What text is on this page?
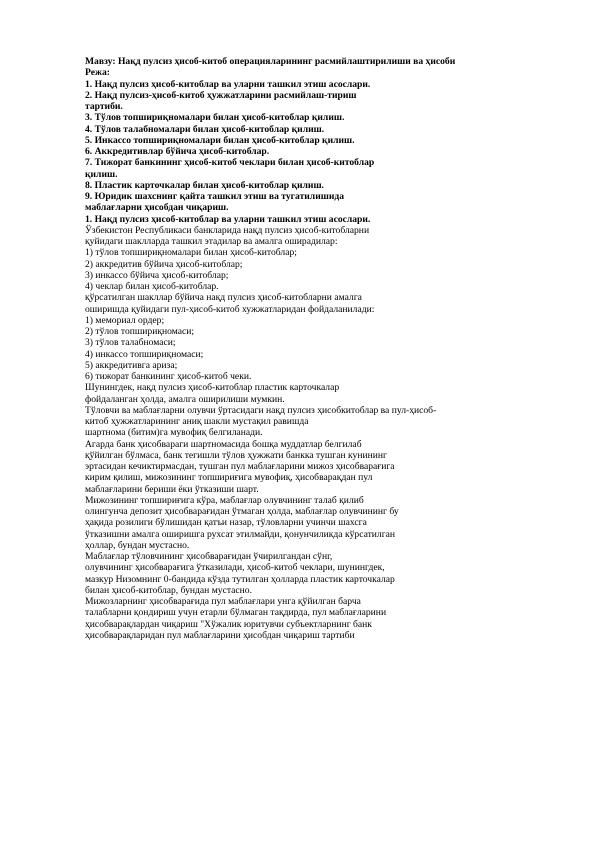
Мавзу: Нақд пулсиз ҳисоб-китоб операцияларининг расмийлаштирилиши ва ҳисоби
Режа:
1. Нақд пулсиз ҳисоб-китоблар ва уларни ташкил этиш асослари.
2. Нақд пулсиз-ҳисоб-китоб ҳужжатларини расмийлаш-тириш
тартиби.
3. Тўлов топшириқномалари билан ҳисоб-китоблар қилиш.
4. Тўлов талабномалари билан ҳисоб-китоблар қилиш.
5. Инкассо топшириқномалари билан ҳисоб-китоблар қилиш.
6. Аккредитивлар бўйича ҳисоб-китоблар.
7. Тижорат банкининг ҳисоб-китоб чеклари билан ҳисоб-китоблар
қилиш.
8. Пластик карточкалар билан ҳисоб-китоблар қилиш.
9. Юридик шахснинг қайта ташкил этиш ва тугатилишида
маблағларни ҳисобдан чиқариш.
1. Нақд пулсиз ҳисоб-китоблар ва уларни ташкил этиш асослари.
Ўзбекистон Республикаси банкларида нақд пулсиз ҳисоб-китобларни
қуйидаги шаклларда ташкил этадилар ва амалга оширадилар:
1) тўлов топшириқномалари билан ҳисоб-китоблар;
2) аккредитив бўйича ҳисоб-китоблар;
3) инкассо бўйича ҳисоб-китоблар;
4) чеклар билан ҳисоб-китоблар.
қўрсатилган шакллар бўйича нақд пулсиз ҳисоб-китобларни амалга
оширишда қуйидаги пул-ҳисоб-китоб хужжатларидан фойдаланилади:
1) мемориал ордер;
2) тўлов топшириқномаси;
3) тўлов талабномаси;
4) инкассо топшириқномаси;
5) аккредитивга ариза;
6) тижорат банкининг ҳисоб-китоб чеки.
Шунингдек, нақд пулсиз ҳисоб-китоблар пластик карточкалар
фойдаланган ҳолда, амалга оширилиши мумкин.
Тўловчи ва маблағларни олувчи ўртасидаги нақд пулсиз ҳисобкитоблар ва пул-ҳисоб-
китоб ҳужжатларининг аниқ шакли мустақил равишда
шартнома (битим)га мувофиқ белгиланади.
Агарда банк ҳисобвараги шартномасида бошқа муддатлар белгилаб
қўйилган бўлмаса, банк тегишли тўлов ҳужжати банкка тушган кунининг
эртасидан кечиктирмасдан, тушган пул маблағларини мижоз ҳисобварағига
кирим қилиш, мижозининг топшириғига мувофиқ, ҳисобварақдан пул
маблағларини бериши ёки ўтказиши шарт.
Мижозининг топшириғига кўра, маблағлар олувчининг талаб қилиб
олингунча депозит ҳисобварағидан ўтмаган ҳолда, маблағлар олувчининг бу
ҳақида розилиги бўлишидан қатъи назар, тўловларни учинчи шахсга
ўтказишни амалга оширишга рухсат этилмайди, қонунчиликда кўрсатилган
ҳоллар, бундан мустасно.
Маблағлар тўловчининг ҳисобварағидан ўчирилгандан сўнг,
олувчининг ҳисобварағига ўтказилади, ҳисоб-китоб чеклари, шунингдек,
мазкур Низомнинг 0-бандида кўзда тутилган ҳолларда пластик карточкалар
билан ҳисоб-китоблар, бундан мустасно.
Мижозларнинг ҳисобварағида пул маблағлари унга қўйилган барча
талабларни қондириш учун етарли бўлмаган тақдирда, пул маблағларини
ҳисобварақлардан чиқариш "Хўжалик юритувчи субъектларнинг банк
ҳисобварақларидан пул маблағларини ҳисобдан чиқариш тартиби
